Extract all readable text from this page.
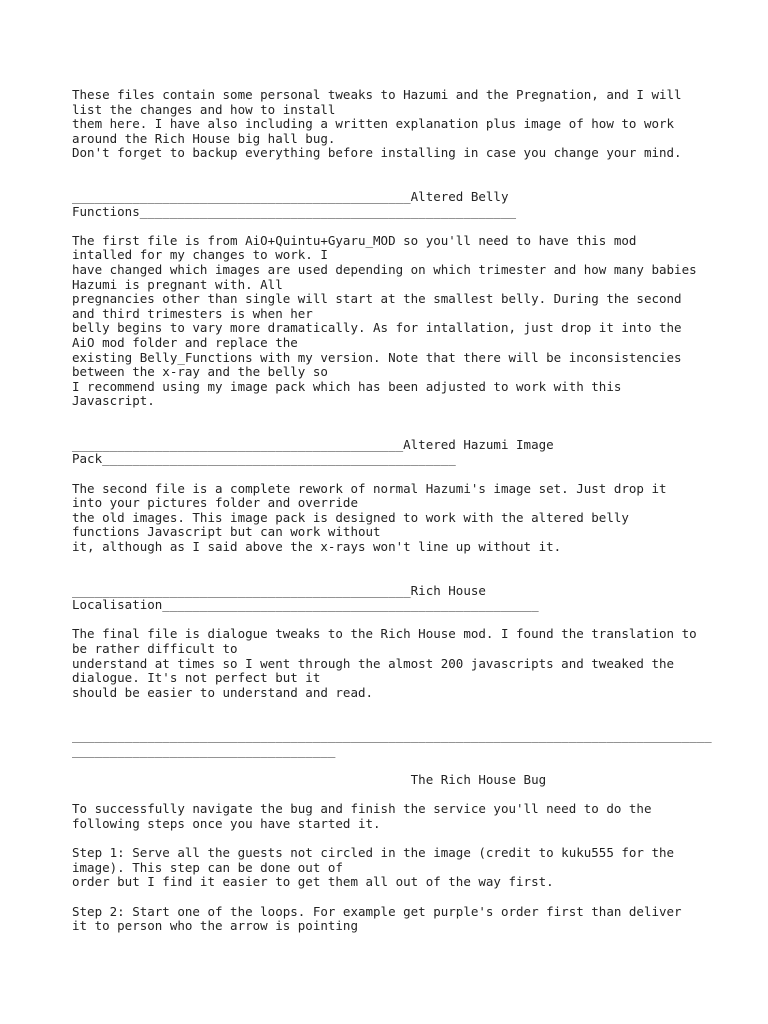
These files contain some personal tweaks to Hazumi and the Pregnation, and I will
list the changes and how to install
them here. I have also including a written explanation plus image of how to work
around the Rich House big hall bug.
Don't forget to backup everything before installing in case you change your mind.
_____________________________________________Altered Belly
Functions__________________________________________________
The first file is from AiO+Quintu+Gyaru_MOD so you'll need to have this mod
intalled for my changes to work. I
have changed which images are used depending on which trimester and how many babies
Hazumi is pregnant with. All
pregnancies other than single will start at the smallest belly. During the second
and third trimesters is when her
belly begins to vary more dramatically. As for intallation, just drop it into the
AiO mod folder and replace the
existing Belly_Functions with my version. Note that there will be inconsistencies
between the x-ray and the belly so
I recommend using my image pack which has been adjusted to work with this
Javascript.
____________________________________________Altered Hazumi Image
Pack_______________________________________________
The second file is a complete rework of normal Hazumi's image set. Just drop it
into your pictures folder and override
the old images. This image pack is designed to work with the altered belly
functions Javascript but can work without
it, although as I said above the x-rays won't line up without it.
_____________________________________________Rich House
Localisation__________________________________________________
The final file is dialogue tweaks to the Rich House mod. I found the translation to
be rather difficult to
understand at times so I went through the almost 200 javascripts and tweaked the
dialogue. It's not perfect but it
should be easier to understand and read.
_____________________________________________________________________________________
___________________________________
The Rich House Bug
To successfully navigate the bug and finish the service you'll need to do the
following steps once you have started it.
Step 1: Serve all the guests not circled in the image (credit to kuku555 for the
image). This step can be done out of
order but I find it easier to get them all out of the way first.
Step 2: Start one of the loops. For example get purple's order first than deliver
it to person who the arrow is pointing
